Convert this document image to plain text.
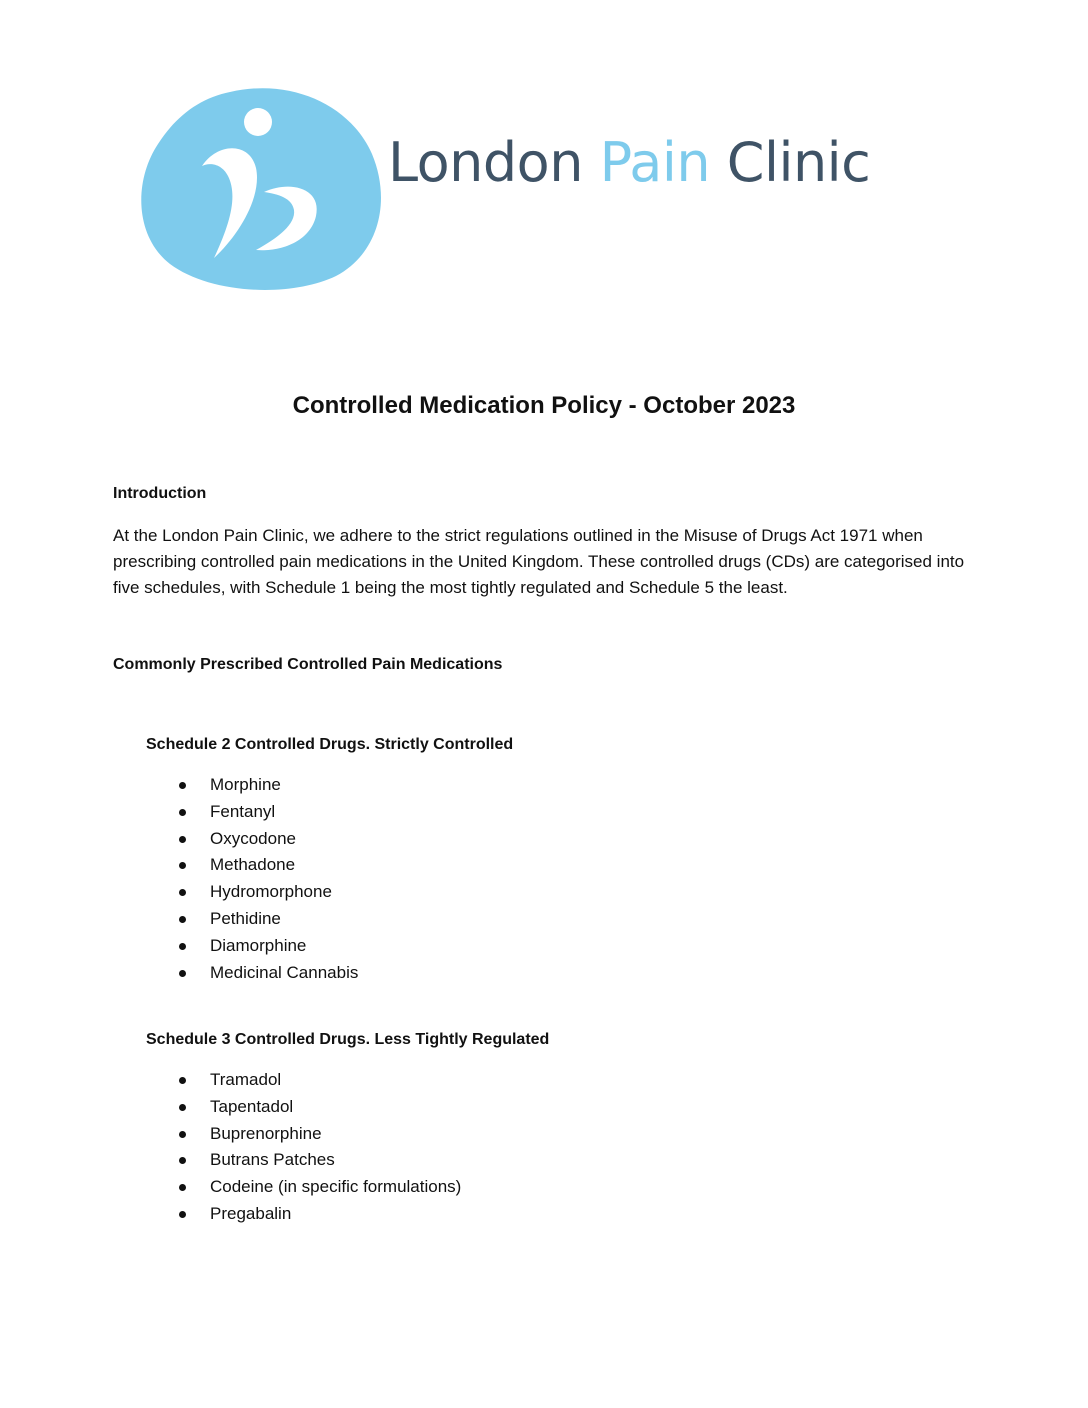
London Pain Clinic
Controlled Medication Policy - October 2023
Introduction
At the London Pain Clinic, we adhere to the strict regulations outlined in the Misuse of Drugs Act 1971 when prescribing controlled pain medications in the United Kingdom. These controlled drugs (CDs) are categorised into five schedules, with Schedule 1 being the most tightly regulated and Schedule 5 the least.
Commonly Prescribed Controlled Pain Medications
Schedule 2 Controlled Drugs. Strictly Controlled
Morphine
Fentanyl
Oxycodone
Methadone
Hydromorphone
Pethidine
Diamorphine
Medicinal Cannabis
Schedule 3 Controlled Drugs. Less Tightly Regulated
Tramadol
Tapentadol
Buprenorphine
Butrans Patches
Codeine (in specific formulations)
Pregabalin
